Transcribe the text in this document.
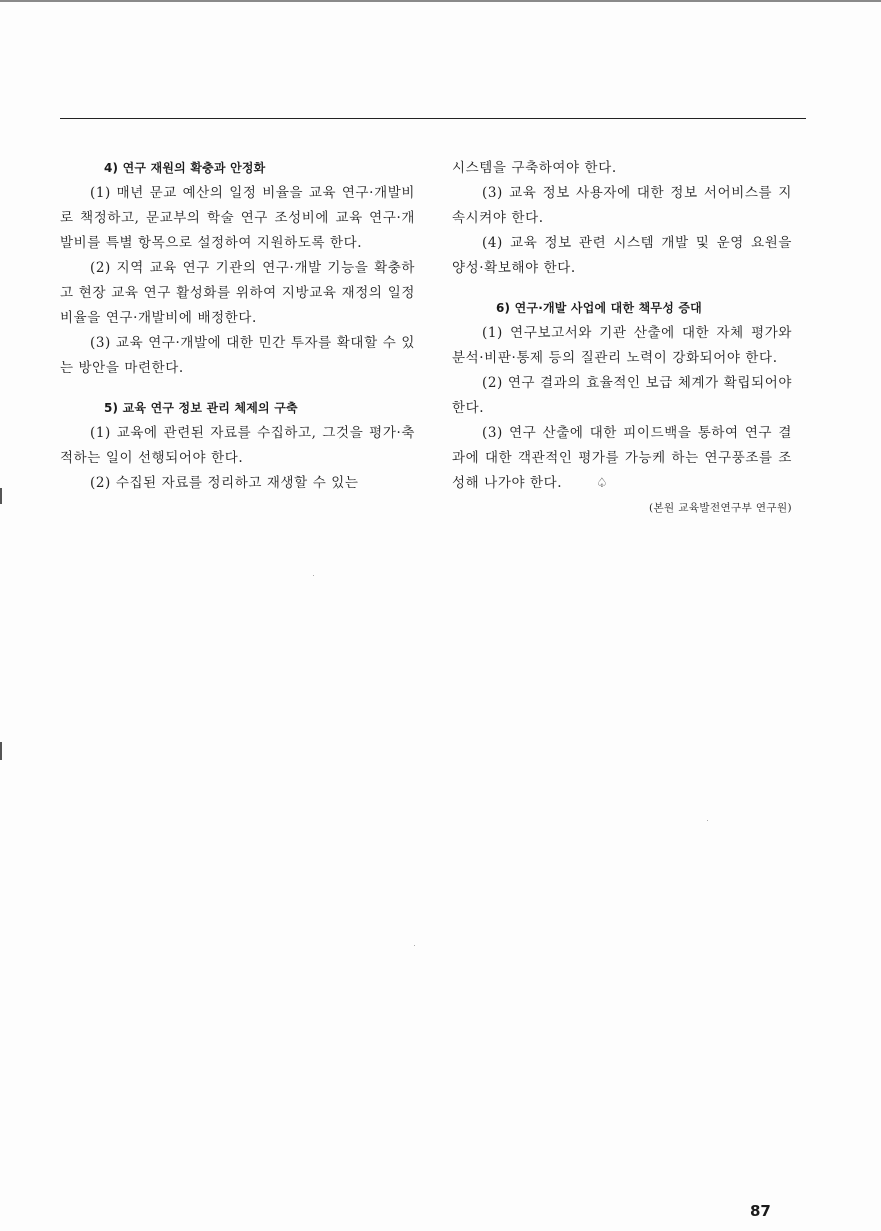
4) 연구 재원의 확충과 안정화

(1) 매년 문교 예산의 일정 비율을 교육 연구·개발비로 책정하고, 문교부의 학술 연구 조성비에 교육 연구·개발비를 특별 항목으로 설정하여 지원하도록 한다.

(2) 지역 교육 연구 기관의 연구·개발 기능을 확충하고 현장 교육 연구 활성화를 위하여 지방교육 재정의 일정 비율을 연구·개발비에 배정한다.

(3) 교육 연구·개발에 대한 민간 투자를 확대할 수 있는 방안을 마련한다.

5) 교육 연구 정보 관리 체제의 구축

(1) 교육에 관련된 자료를 수집하고, 그것을 평가·축적하는 일이 선행되어야 한다.

(2) 수집된 자료를 정리하고 재생할 수 있는

시스템을 구축하여야 한다.

(3) 교육 정보 사용자에 대한 정보 서어비스를 지속시켜야 한다.

(4) 교육 정보 관련 시스템 개발 및 운영 요원을 양성·확보해야 한다.

6) 연구·개발 사업에 대한 책무성 증대

(1) 연구보고서와 기관 산출에 대한 자체 평가와 분석·비판·통제 등의 질관리 노력이 강화되어야 한다.

(2) 연구 결과의 효율적인 보급 체계가 확립되어야 한다.

(3) 연구 산출에 대한 피이드백을 통하여 연구 결과에 대한 객관적인 평가를 가능케 하는 연구풍조를 조성해 나가야 한다.	♤

(본원 교육발전연구부 연구원)
87
